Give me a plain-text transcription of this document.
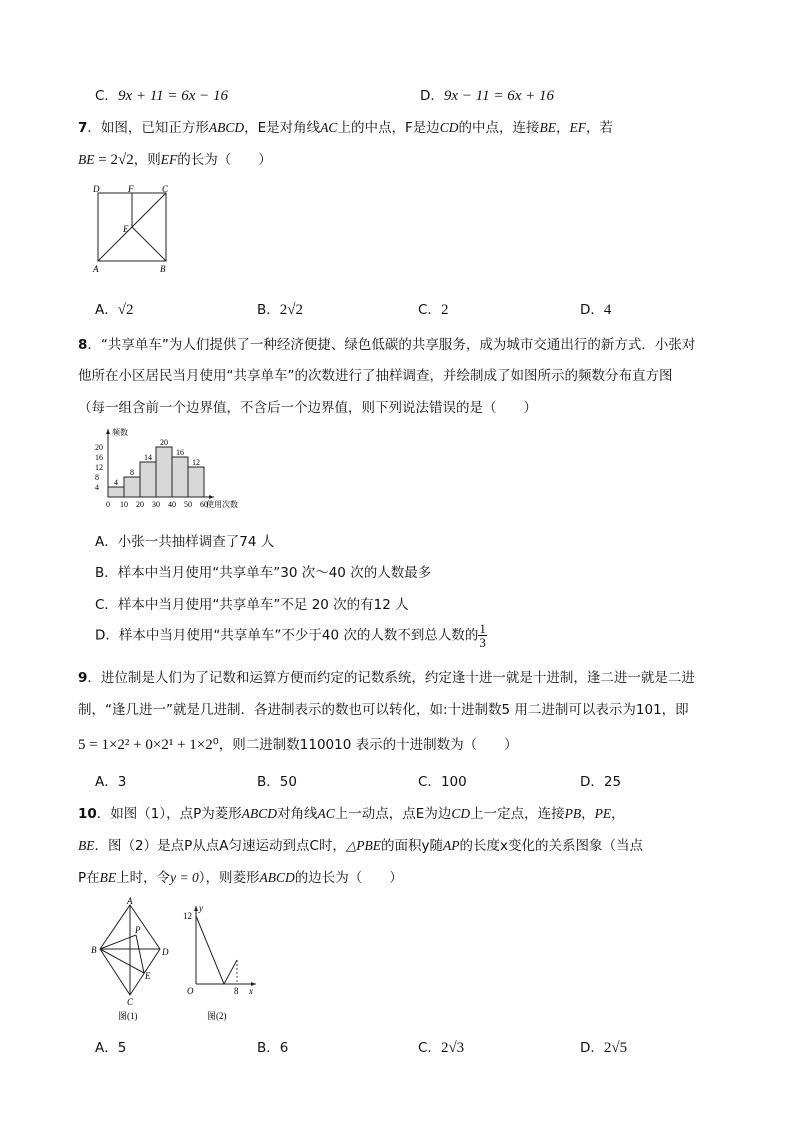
C．9x + 11 = 6x − 16	D．9x − 11 = 6x + 16
7．如图，已知正方形ABCD，E是对角线AC上的中点，F是边CD的中点，连接BE，EF，若
BE = 2√2，则EF的长为（　　）
D	F	C
E
A	B
A．√2	B．2√2	C．2	D．4
8．“共享单车”为人们提供了一种经济便捷、绿色低碳的共享服务，成为城市交通出行的新方式．小张对
他所在小区居民当月使用“共享单车”的次数进行了抽样调查，并绘制成了如图所示的频数分布直方图
（每一组含前一个边界值，不含后一个边界值，则下列说法错误的是（　　）
频数
4
8
12
16
20
4
8
14
20
16
12
0 10 20 30 40 50 60
使用次数
A．小张一共抽样调查了74 人
B．样本中当月使用“共享单车”30 次～40 次的人数最多
C．样本中当月使用“共享单车”不足 20 次的有12 人
D．样本中当月使用“共享单车”不少于40 次的人数不到总人数的 $\frac{1}{3}$
9．进位制是人们为了记数和运算方便而约定的记数系统，约定逢十进一就是十进制，逢二进一就是二进
制，“逢几进一”就是几进制．各进制表示的数也可以转化，如:十进制数5 用二进制可以表示为101，即
5 = 1×2² + 0×2¹ + 1×2⁰，则二进制数110010 表示的十进制数为（　　）
A．3	B．50	C．100	D．25
10．如图（1），点P为菱形ABCD对角线AC上一动点，点E为边CD上一定点，连接PB，PE，
BE．图（2）是点P从点A匀速运动到点C时，△PBE的面积y随AP的长度x变化的关系图象（当点
P在BE上时，令y = 0），则菱形ABCD的边长为（　　）
A
P
B	D
E
C
图(1)
12
y
O	8 x
图(2)
A．5	B．6	C．2√3	D．2√5
